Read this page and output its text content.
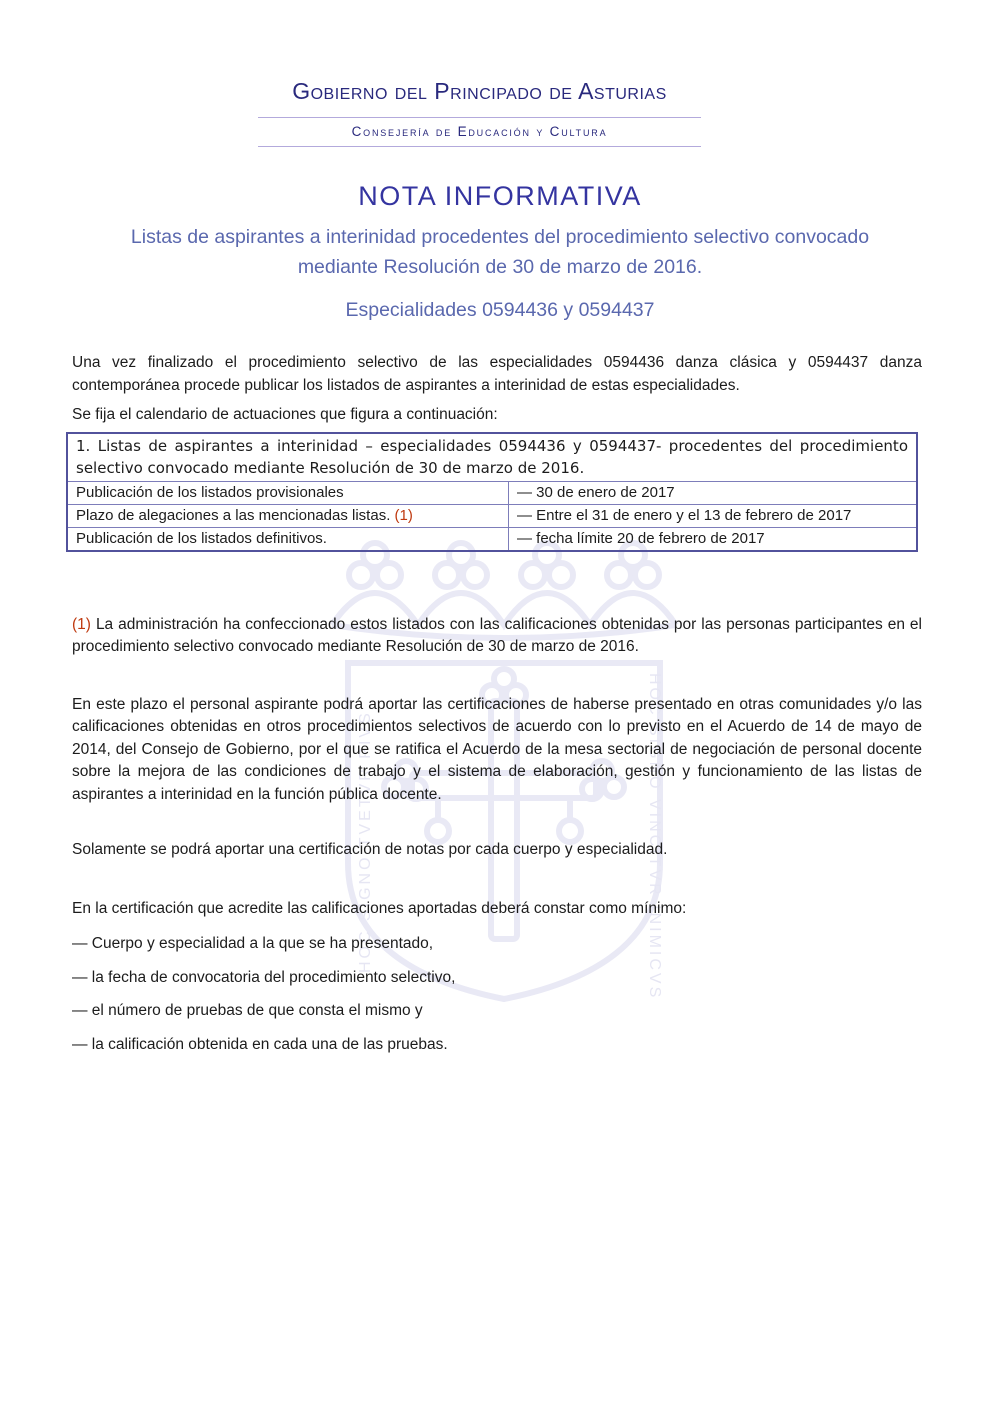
HOC SIGNO TVETVR PIVS	HOC SIGNO VINCITVR INIMICVS
Gobierno del Principado de Asturias
Consejería de Educación y Cultura
NOTA INFORMATIVA
Listas de aspirantes a interinidad procedentes del procedimiento selectivo convocado mediante Resolución de 30 de marzo de 2016.
Especialidades 0594436 y 0594437

Una vez finalizado el procedimiento selectivo de las especialidades 0594436 danza clásica y 0594437 danza contemporánea procede publicar los listados de aspirantes a interinidad de estas especialidades.

Se fija el calendario de actuaciones que figura a continuación:

1. Listas de aspirantes a interinidad – especialidades 0594436 y 0594437- procedentes del procedimiento selectivo convocado mediante Resolución de 30 de marzo de 2016.	
Publicación de los listados provisionales	— 30 de enero de 2017
Plazo de alegaciones a las mencionadas listas. (1)	— Entre el 31 de enero y el 13 de febrero de 2017
Publicación de los listados definitivos.	— fecha límite 20 de febrero de 2017

(1) La administración ha confeccionado estos listados con las calificaciones obtenidas por las personas participantes en el procedimiento selectivo convocado mediante Resolución de 30 de marzo de 2016.

En este plazo el personal aspirante podrá aportar las certificaciones de haberse presentado en otras comunidades y/o las calificaciones obtenidas en otros procedimientos selectivos de acuerdo con lo previsto en el Acuerdo de 14 de mayo de 2014, del Consejo de Gobierno, por el que se ratifica el Acuerdo de la mesa sectorial de negociación de personal docente sobre la mejora de las condiciones de trabajo y el sistema de elaboración, gestión y funcionamiento de las listas de aspirantes a interinidad en la función pública docente.

Solamente se podrá aportar una certificación de notas por cada cuerpo y especialidad.

En la certificación que acredite las calificaciones aportadas deberá constar como mínimo:

— Cuerpo y especialidad a la que se ha presentado,

— la fecha de convocatoria del procedimiento selectivo,

— el número de pruebas de que consta el mismo y

— la calificación obtenida en cada una de las pruebas.
